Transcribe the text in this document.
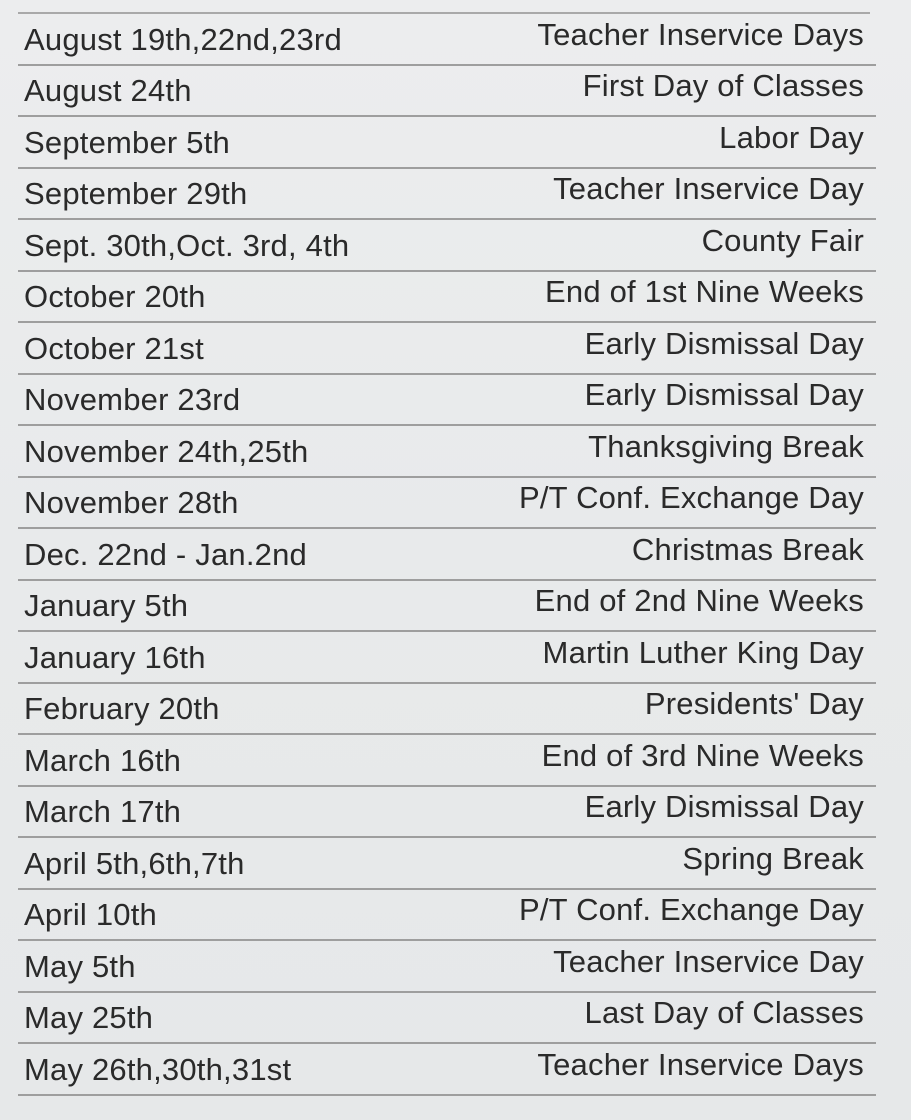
August 19th,22nd,23rd	Teacher Inservice Days
August 24th	First Day of Classes
September 5th	Labor Day
September 29th	Teacher Inservice Day
Sept. 30th,Oct. 3rd, 4th	County Fair
October 20th	End of 1st Nine Weeks
October 21st	Early Dismissal Day
November 23rd	Early Dismissal Day
November 24th,25th	Thanksgiving Break
November 28th	P/T Conf. Exchange Day
Dec. 22nd - Jan.2nd	Christmas Break
January 5th	End of 2nd Nine Weeks
January 16th	Martin Luther King Day
February 20th	Presidents' Day
March 16th	End of 3rd Nine Weeks
March 17th	Early Dismissal Day
April 5th,6th,7th	Spring Break
April 10th	P/T Conf. Exchange Day
May 5th	Teacher Inservice Day
May 25th	Last Day of Classes
May 26th,30th,31st	Teacher Inservice Days
